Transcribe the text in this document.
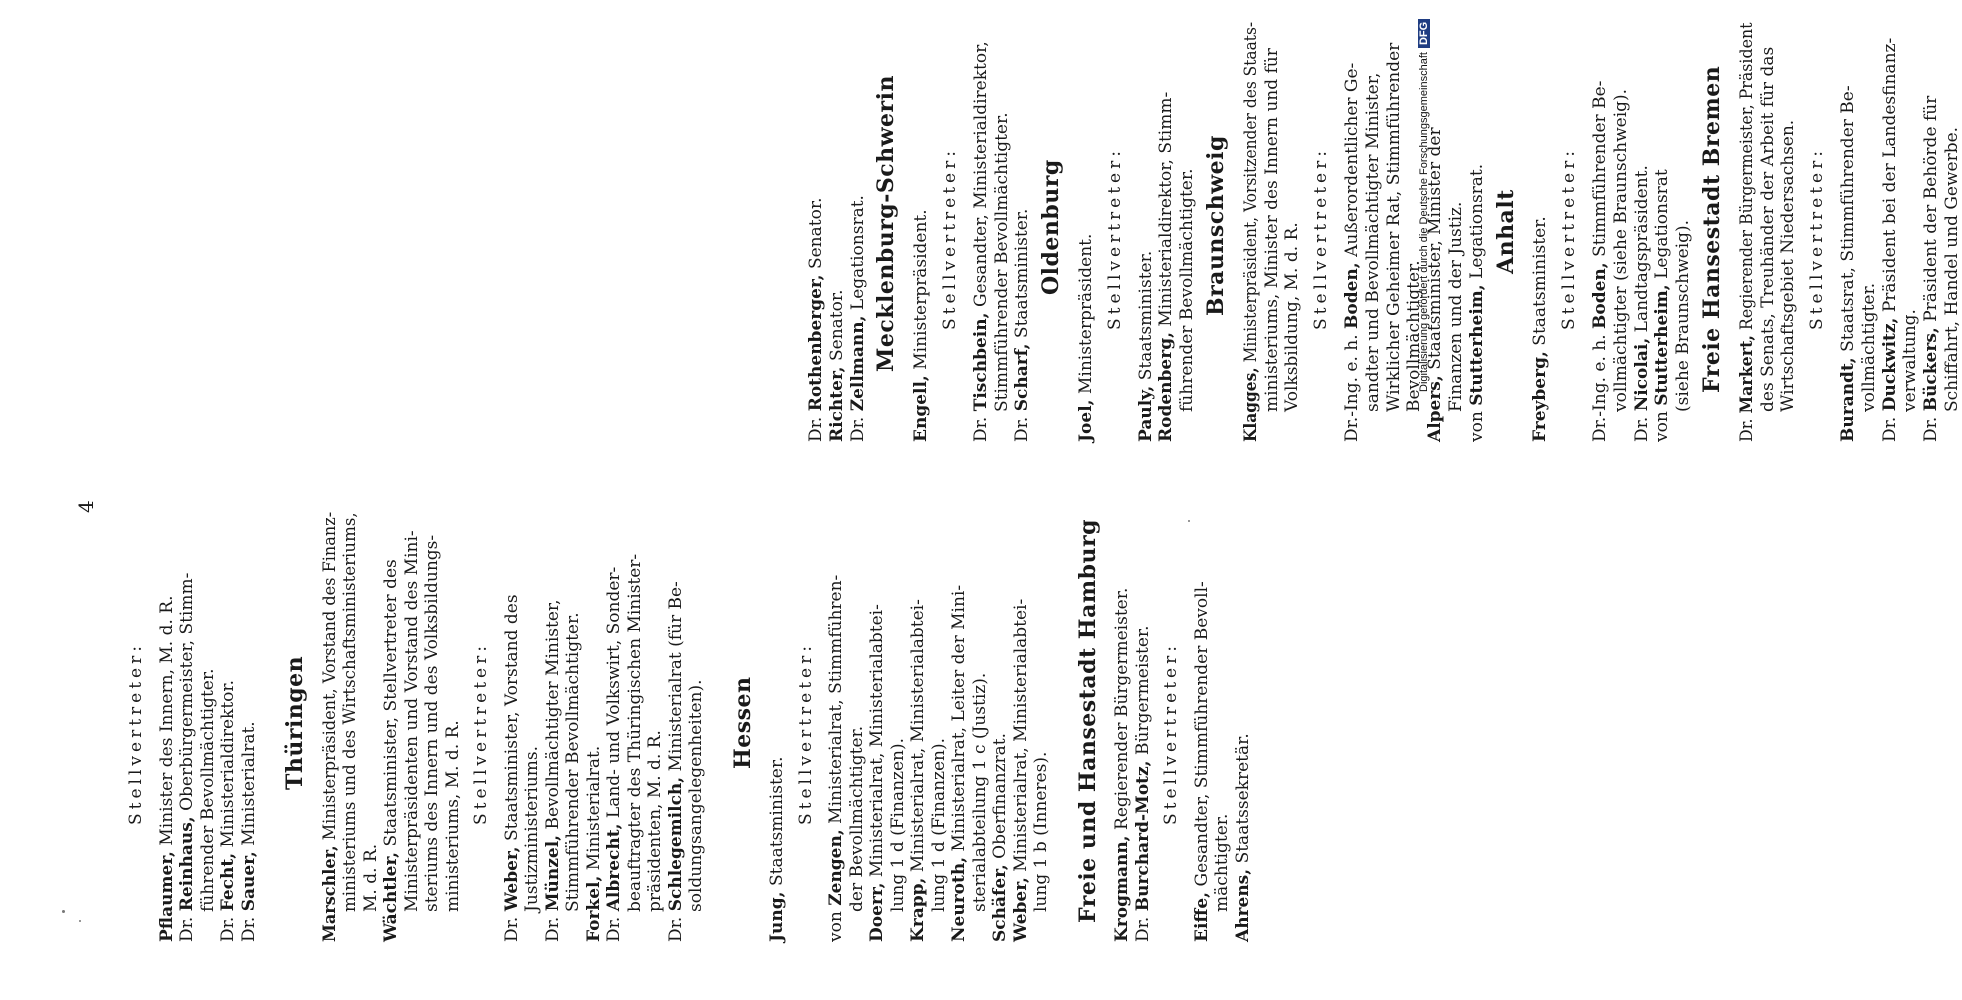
Stellvertreter:
Pflaumer, Minister des Innern, M. d. R.
Dr. Reinhaus, Oberbürgermeister, Stimm- führender Bevollmächtigter.
Dr. Fecht, Ministerialdirektor.
Dr. Sauer, Ministerialrat. Thüringen
Marschler, Ministerpräsident, Vorstand des Finanz- ministeriums und des Wirtschaftsministeriums, M. d. R. Wächtler, Staatsminister, Stellvertreter des Ministerpräsidenten und Vorstand des Mini- steriums des Innern und des Volksbildungs- ministeriums, M. d. R. Stellvertreter:
Dr. Weber, Staatsminister, Vorstand des Justizministeriums.
Dr. Münzel, Bevollmächtigter Minister, Stimmführender Bevollmächtigter. Forkel, Ministerialrat.
Dr. Albrecht, Land- und Volkswirt, Sonder- beauftragter des Thüringischen Minister- präsidenten, M. d. R.
Dr. Schlegemilch, Ministerialrat (für Be-
soldungsangelegenheiten). Hessen
Jung, Staatsminister. Stellvertreter:
von Zengen, Ministerialrat, Stimmführen- der Bevollmächtigter.
Doerr, Ministerialrat, Ministerialabtei- lung 1 d (Finanzen). Krapp, Ministerialrat, Ministerialabtei- lung 1 d (Finanzen). Neuroth, Ministerialrat, Leiter der Mini- sterialabteilung 1 c (Justiz). Schäfer, Oberfinanzrat.
Weber, Ministerialrat, Ministerialabtei- lung 1 b (Inneres). Freie und Hansestadt Hamburg Krogmann, Regierender Bürgermeister.
Dr. Burchard-Motz, Bürgermeister. Stellvertreter:
Eiffe, Gesandter, Stimmführender Bevoll- mächtigter. Ahrens, Staatssekretär.
Dr. Rothenberger, Senator.
Richter, Senator.
Dr. Zellmann, Legationsrat. Mecklenburg-Schwerin
Engell, Ministerpräsident. Stellvertreter:
Dr. Tischbein, Gesandter, Ministerialdirektor, Stimmführender Bevollmächtigter.
Dr. Scharf, Staatsminister. Oldenburg
Joel, Ministerpräsident. Stellvertreter:
Pauly, Staatsminister.
Rodenberg, Ministerialdirektor, Stimm- führender Bevollmächtigter. Braunschweig
Klagges, Ministerpräsident, Vorsitzender des Staats- ministeriums, Minister des Innern und für Volksbildung, M. d. R. Stellvertreter:
Dr.-Ing. e. h. Boden, Außerordentlicher Ge- sandter und Bevollmächtigter Minister, Wirklicher Geheimer Rat, Stimmführender Bevollmächtigter. Alpers, Staatsminister, Minister der Finanzen und der Justiz.
von Stutterheim, Legationsrat. Anhalt
Freyberg, Staatsminister. Stellvertreter:
Dr.-Ing. e. h. Boden, Stimmführender Be- vollmächtigter (siehe Braunschweig).
Dr. Nicolai, Landtagspräsident.
von Stutterheim, Legationsrat (siehe Braunschweig). Freie Hansestadt Bremen
Dr. Markert, Regierender Bürgermeister, Präsident des Senats, Treuhänder der Arbeit für das Wirtschaftsgebiet Niedersachsen. Stellvertreter:
Burandt, Staatsrat, Stimmführender Be- vollmächtigter.
Dr. Duckwitz, Präsident bei der Landesfinanz-
verwaltung.
Dr. Bückers, Präsident der Behörde für Schiffahrt, Handel und Gewerbe.
4
Digitalisierung gefördert durch die Deutsche ForschungsgemeinschaftDFG
